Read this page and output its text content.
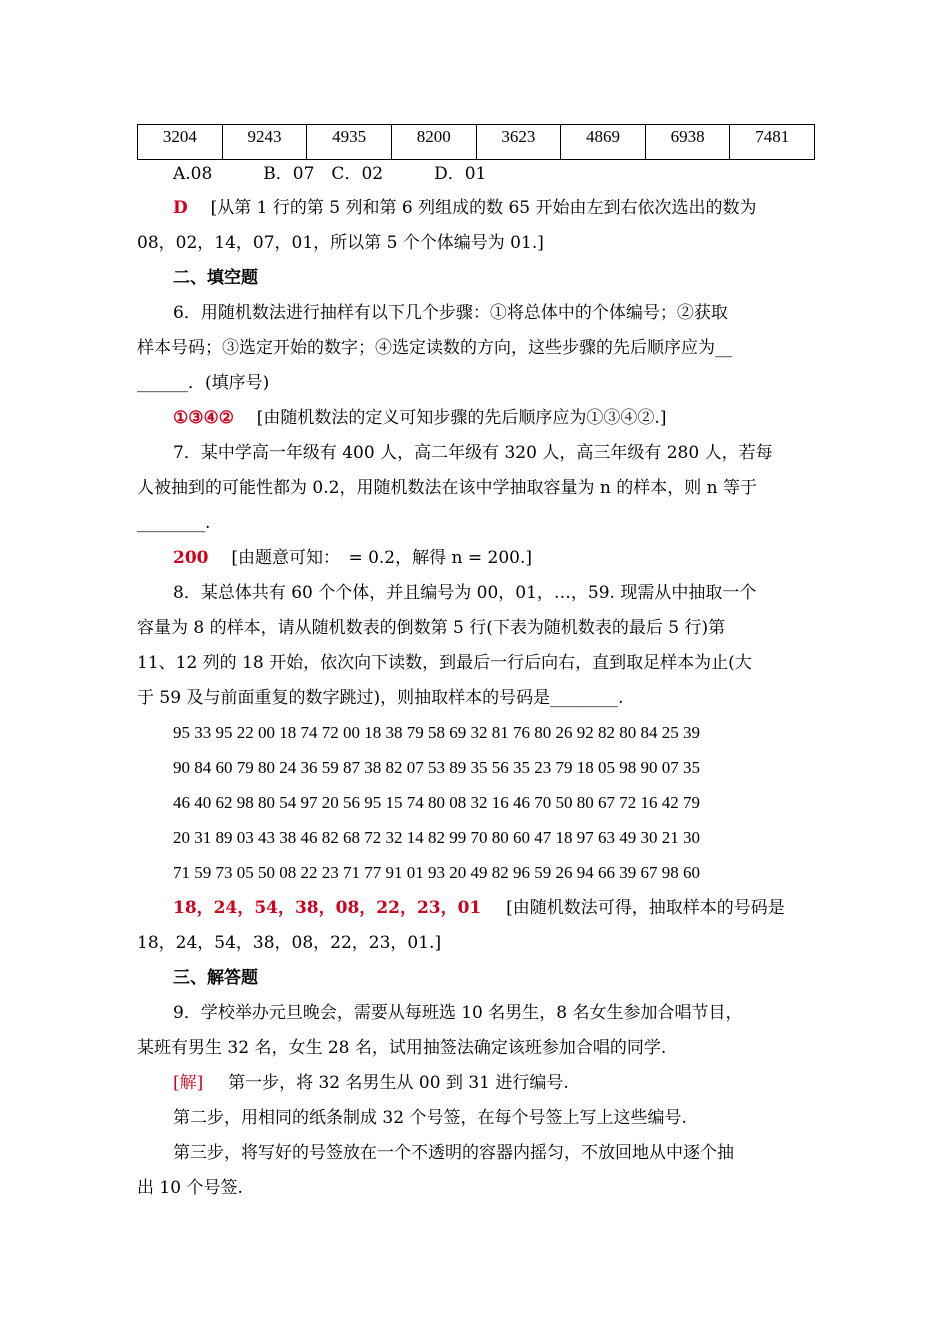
3204	9243	4935	8200	3623	4869	6938	7481
A.08　　　B．07　C．02　　　D．01
D [从第 1 行的第 5 列和第 6 列组成的数 65 开始由左到右依次选出的数为
08，02，14，07，01，所以第 5 个个体编号为 01.]
二、填空题
6．用随机数法进行抽样有以下几个步骤：①将总体中的个体编号；②获取
样本号码；③选定开始的数字；④选定读数的方向，这些步骤的先后顺序应为__
______．(填序号)
①③④② [由随机数法的定义可知步骤的先后顺序应为①③④②.]
7．某中学高一年级有 400 人，高二年级有 320 人，高三年级有 280 人，若每
人被抽到的可能性都为 0.2，用随机数法在该中学抽取容量为 n 的样本，则 n 等于
________.
200 [由题意可知：　= 0.2，解得 n = 200.]
8．某总体共有 60 个个体，并且编号为 00，01，…，59. 现需从中抽取一个
容量为 8 的样本，请从随机数表的倒数第 5 行(下表为随机数表的最后 5 行)第
11、12 列的 18 开始，依次向下读数，到最后一行后向右，直到取足样本为止(大
于 59 及与前面重复的数字跳过)，则抽取样本的号码是________.
95 33 95 22 00 18 74 72 00 18 38 79 58 69 32 81 76 80 26 92 82 80 84 25 39
90 84 60 79 80 24 36 59 87 38 82 07 53 89 35 56 35 23 79 18 05 98 90 07 35
46 40 62 98 80 54 97 20 56 95 15 74 80 08 32 16 46 70 50 80 67 72 16 42 79
20 31 89 03 43 38 46 82 68 72 32 14 82 99 70 80 60 47 18 97 63 49 30 21 30
71 59 73 05 50 08 22 23 71 77 91 01 93 20 49 82 96 59 26 94 66 39 67 98 60
18，24，54，38，08，22，23，01 [由随机数法可得，抽取样本的号码是
18，24，54，38，08，22，23，01.]
三、解答题
9．学校举办元旦晚会，需要从每班选 10 名男生，8 名女生参加合唱节目，
某班有男生 32 名，女生 28 名，试用抽签法确定该班参加合唱的同学.
[解] 第一步，将 32 名男生从 00 到 31 进行编号.
第二步，用相同的纸条制成 32 个号签，在每个号签上写上这些编号.
第三步，将写好的号签放在一个不透明的容器内摇匀，不放回地从中逐个抽
出 10 个号签.
